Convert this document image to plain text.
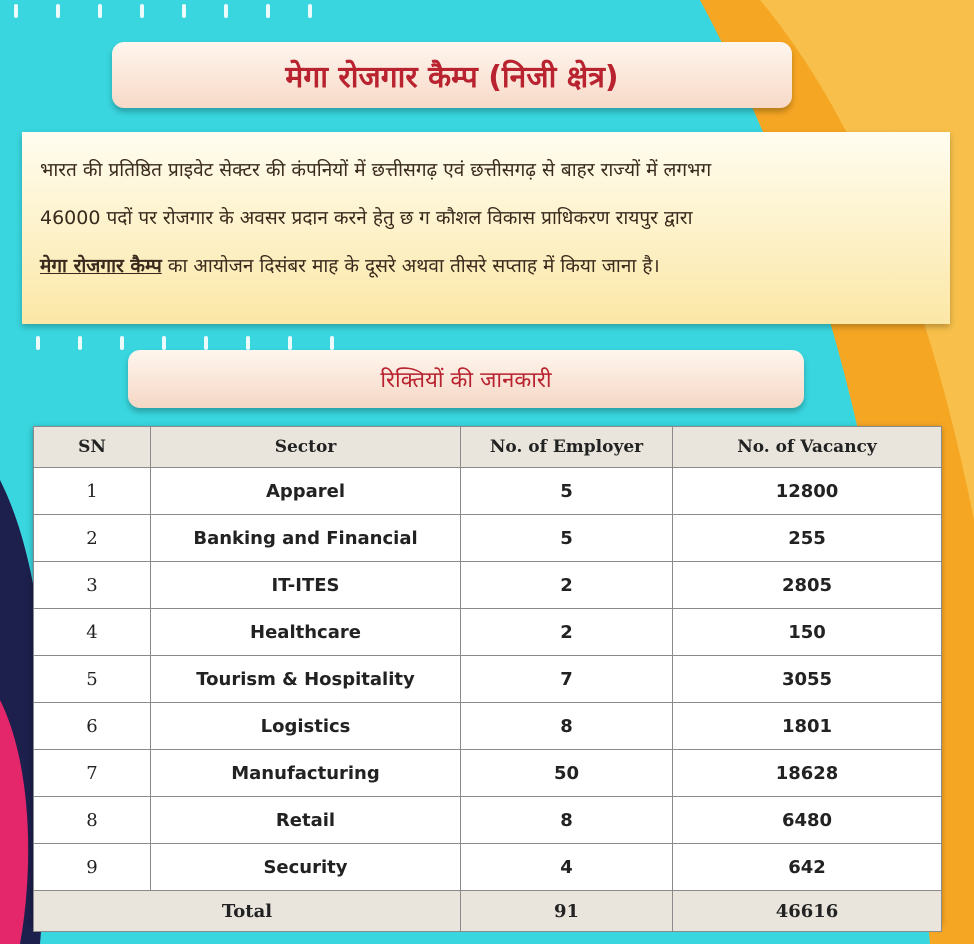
मेगा रोजगार कैम्प (निजी क्षेत्र)

भारत की प्रतिष्ठित प्राइवेट सेक्टर की कंपनियों में छत्तीसगढ़ एवं छत्तीसगढ़ से बाहर राज्यों में लगभग

46000 पदों पर रोजगार के अवसर प्रदान करने हेतु छ ग कौशल विकास प्राधिकरण रायपुर द्वारा

मेगा रोजगार कैम्प का आयोजन दिसंबर माह के दूसरे अथवा तीसरे सप्ताह में किया जाना है।

रिक्तियों की जानकारी
SN	Sector	No. of Employer	No. of Vacancy
1	Apparel	5	12800
2	Banking and Financial	5	255
3	IT-ITES	2	2805
4	Healthcare	2	150
5	Tourism & Hospitality	7	3055
6	Logistics	8	1801
7	Manufacturing	50	18628
8	Retail	8	6480
9	Security	4	642
Total		91	46616
